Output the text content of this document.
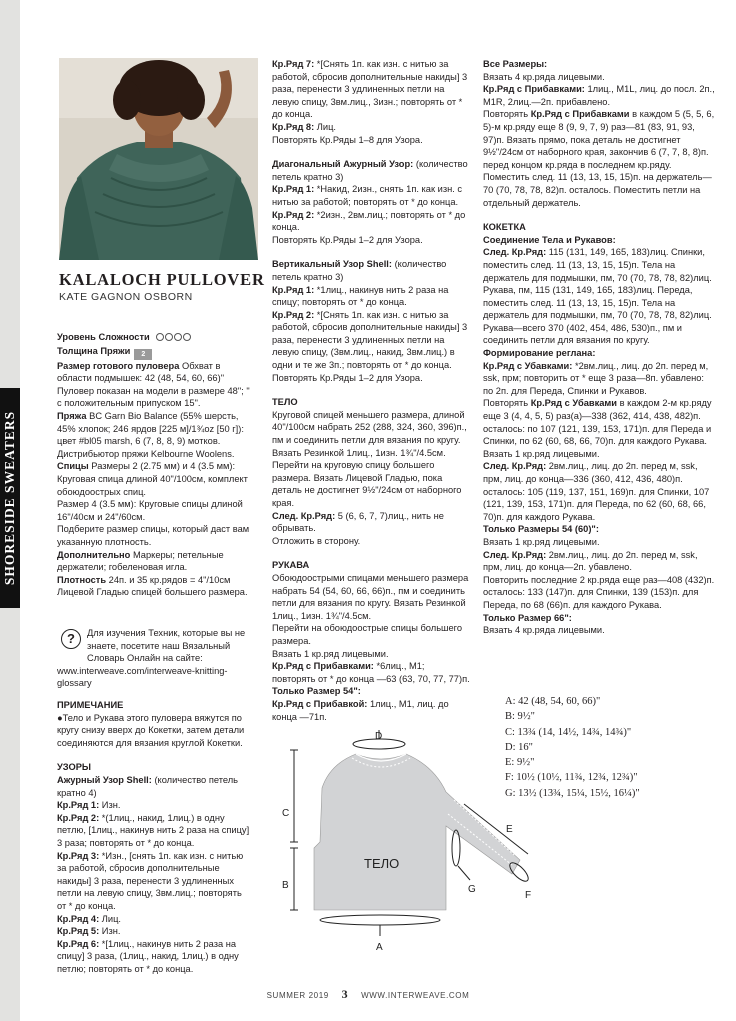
SHORESIDE SWEATERS
KALALOCH PULLOVER
KATE GAGNON OSBORN
Уровень Сложности
Толщина Пряжи 2
Размер готового пуловера Обхват в области подмышек: 42 (48, 54, 60, 66)"
Пуловер показан на модели в размере 48"; " с положительным припуском 15".
Пряжа BC Garn Bio Balance (55% шерсть, 45% хлопок; 246 ярдов [225 м]/1¾oz [50 г]): цвет #bl05 marsh, 6 (7, 8, 8, 9) мотков. Дистрибьютор пряжи Kelbourne Woolens.
Спицы Размеры 2 (2.75 мм) и 4 (3.5 мм): Круговая спица длиной 40"/100см, комплект обоюдоострых спиц.
Размер 4 (3.5 мм): Круговые спицы длиной 16"/40см и 24"/60см.
Подберите размер спицы, который даст вам указанную плотность.
Дополнительно Маркеры; петельные держатели; гобеленовая игла.
Плотность 24п. и 35 кр.рядов = 4"/10см Лицевой Гладью спицей большего размера.
?	Для изучения Техник, которые вы не знаете, посетите наш Вязальный Словарь Онлайн на сайте:
www.interweave.com/interweave-knitting-glossary
ПРИМЕЧАНИЕ

●Тело и Рукава этого пуловера вяжутся по кругу снизу вверх до Кокетки, затем детали соединяются для вязания круглой Кокетки.

УЗОРЫ
Ажурный Узор Shell: (количество петель кратно 4)
Кр.Ряд 1: Изн.
Кр.Ряд 2: *(1лиц., накид, 1лиц.) в одну петлю, [1лиц., накинув нить 2 раза на спицу] 3 раза; повторять от * до конца.
Кр.Ряд 3: *Изн., [снять 1п. как изн. с нитью за работой, сбросив дополнительные накиды] 3 раза, перенести 3 удлиненных петли на левую спицу, 3вм.лиц.; повторять от * до конца.
Кр.Ряд 4: Лиц.
Кр.Ряд 5: Изн.
Кр.Ряд 6: *[1лиц., накинув нить 2 раза на спицу] 3 раза, (1лиц., накид, 1лиц.) в одну петлю; повторять от * до конца.
Кр.Ряд 7: *[Снять 1п. как изн. с нитью за работой, сбросив дополнительные накиды] 3 раза, перенести 3 удлиненных петли на левую спицу, 3вм.лиц., 3изн.; повторять от * до конца.
Кр.Ряд 8: Лиц.

Повторять Кр.Ряды 1–8 для Узора.

Диагональный Ажурный Узор: (количество петель кратно 3)
Кр.Ряд 1: *Накид, 2изн., снять 1п. как изн. с нитью за работой; повторять от * до конца.
Кр.Ряд 2: *2изн., 2вм.лиц.; повторять от * до конца.

Повторять Кр.Ряды 1–2 для Узора.

Вертикальный Узор Shell: (количество петель кратно 3)
Кр.Ряд 1: *1лиц., накинув нить 2 раза на спицу; повторять от * до конца.
Кр.Ряд 2: *[Снять 1п. как изн. с нитью за работой, сбросив дополнительные накиды] 3 раза, перенести 3 удлиненных петли на левую спицу, (3вм.лиц., накид, 3вм.лиц.) в одни и те же 3п.; повторять от * до конца.

Повторять Кр.Ряды 1–2 для Узора.

ТЕЛО
Круговой спицей меньшего размера, длиной 40"/100см набрать 252 (288, 324, 360, 396)п., пм и соединить петли для вязания по кругу. Вязать Резинкой 1лиц., 1изн. 1¾"/4.5см.
Перейти на круговую спицу большего размера. Вязать Лицевой Гладью, пока деталь не достигнет 9½"/24см от наборного края.
След. Кр.Ряд: 5 (6, 6, 7, 7)лиц., нить не обрывать.

Отложить в сторону.

РУКАВА
Обоюдоострыми спицами меньшего размера набрать 54 (54, 60, 66, 66)п., пм и соединить петли для вязания по кругу. Вязать Резинкой 1лиц., 1изн. 1¾"/4.5см.
Перейти на обоюдоострые спицы большего размера.
Вязать 1 кр.ряд лицевыми.
Кр.Ряд с Прибавками: *6лиц., М1; повторять от * до конца —63 (63, 70, 77, 77)п.
Только Размер 54":
Кр.Ряд с Прибавкой: 1лиц., М1, лиц. до конца —71п.
Все Размеры:
Вязать 4 кр.ряда лицевыми.
Кр.Ряд с Прибавками: 1лиц., M1L, лиц. до посл. 2п., M1R, 2лиц.—2п. прибавлено.

Повторять Кр.Ряд с Прибавками в каждом 5 (5, 5, 6, 5)-м кр.ряду еще 8 (9, 9, 7, 9) раз—81 (83, 91, 93, 97)п. Вязать прямо, пока деталь не достигнет 9½"/24см от наборного края, закончив 6 (7, 7, 8, 8)п. перед концом кр.ряда в последнем кр.ряду. Поместить след. 11 (13, 13, 15, 15)п. на держатель—70 (70, 78, 78, 82)п. осталось. Поместить петли на отдельный держатель.

КОКЕТКА
Соединение Тела и Рукавов:
След. Кр.Ряд: 115 (131, 149, 165, 183)лиц. Спинки, поместить след. 11 (13, 13, 15, 15)п. Тела на держатель для подмышки, пм, 70 (70, 78, 78, 82)лиц. Рукава, пм, 115 (131, 149, 165, 183)лиц. Переда, поместить след. 11 (13, 13, 15, 15)п. Тела на держатель для подмышки, пм, 70 (70, 78, 78, 82)лиц. Рукава—всего 370 (402, 454, 486, 530)п., пм и соединить петли для вязания по кругу.
Формирование реглана:
Кр.Ряд с Убавками: *2вм.лиц., лиц. до 2п. перед м, ssk, прм; повторить от * еще 3 раза—8п. убавлено: по 2п. для Переда, Спинки и Рукавов.
Повторять Кр.Ряд с Убавками в каждом 2-м кр.ряду еще 3 (4, 4, 5, 5) раз(а)—338 (362, 414, 438, 482)п. осталось: по 107 (121, 139, 153, 171)п. для Переда и Спинки, по 62 (60, 68, 66, 70)п. для каждого Рукава.
Вязать 1 кр.ряд лицевыми.
След. Кр.Ряд: 2вм.лиц., лиц. до 2п. перед м, ssk, прм, лиц. до конца—336 (360, 412, 436, 480)п. осталось: 105 (119, 137, 151, 169)п. для Спинки, 107 (121, 139, 153, 171)п. для Переда, по 62 (60, 68, 66, 70)п. для каждого Рукава.
Только Размеры 54 (60)":
Вязать 1 кр.ряд лицевыми.
След. Кр.Ряд: 2вм.лиц., лиц. до 2п. перед м, ssk, прм, лиц. до конца—2п. убавлено.
Повторить последние 2 кр.ряда еще раз—408 (432)п. осталось: 133 (147)п. для Спинки, 139 (153)п. для Переда, по 68 (66)п. для каждого Рукава.
Только Размер 66":
Вязать 4 кр.ряда лицевыми.
A: 42 (48, 54, 60, 66)"
B: 9½"
C: 13¾ (14, 14½, 14¾, 14¾)"
D: 16"
E: 9½"
F: 10½ (10½, 11¾, 12¾, 12¾)"
G: 13½ (13¾, 15¼, 15½, 16¼)"
D
A
B
C
E
F
G
ТЕЛО
SUMMER 2019 3 WWW.INTERWEAVE.COM
